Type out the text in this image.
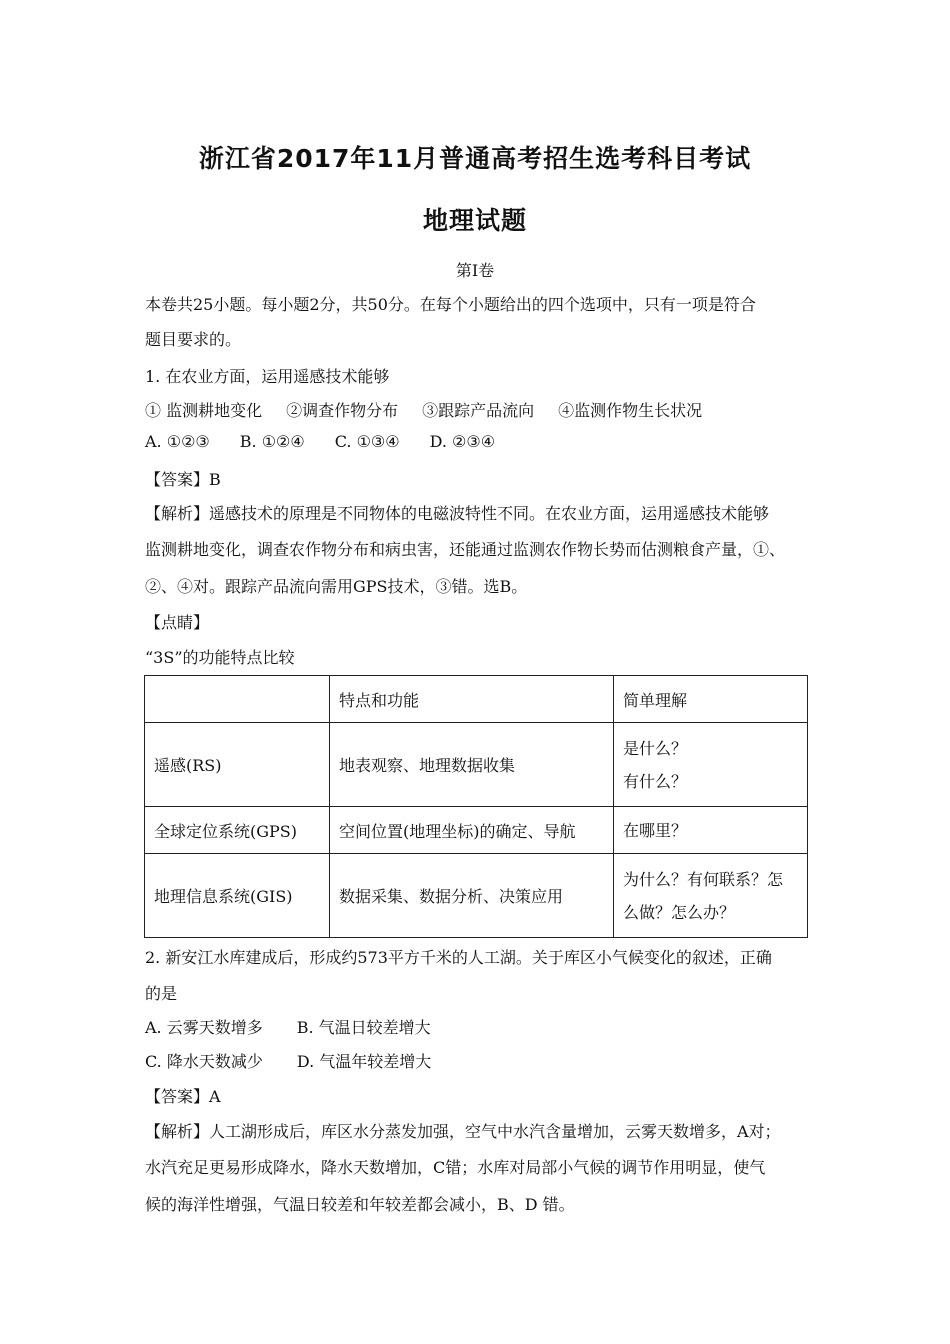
浙江省2017年11月普通高考招生选考科目考试
地理试题
第Ⅰ卷
本卷共25小题。每小题2分，共50分。在每个小题给出的四个选项中，只有一项是符合
题目要求的。
1. 在农业方面，运用遥感技术能够
① 监测耕地变化 ②调查作物分布 ③跟踪产品流向 ④监测作物生长状况
A. ①②③ B. ①②④ C. ①③④ D. ②③④
【答案】B
【解析】遥感技术的原理是不同物体的电磁波特性不同。在农业方面，运用遥感技术能够
监测耕地变化，调查农作物分布和病虫害，还能通过监测农作物长势而估测粮食产量，①、
②、④对。跟踪产品流向需用GPS技术，③错。选B。
【点睛】
“3S”的功能特点比较
	特点和功能	简单理解
遥感(RS)	地表观察、地理数据收集	是什么？
有什么？

全球定位系统(GPS)	空间位置(地理坐标)的确定、导航	在哪里？

地理信息系统(GIS)	数据采集、数据分析、决策应用	为什么？有何联系？怎
么做？怎么办？
2. 新安江水库建成后，形成约573平方千米的人工湖。关于库区小气候变化的叙述，正确
的是
A. 云雾天数增多 B. 气温日较差增大
C. 降水天数减少 D. 气温年较差增大
【答案】A
【解析】人工湖形成后，库区水分蒸发加强，空气中水汽含量增加，云雾天数增多，A对；
水汽充足更易形成降水，降水天数增加，C错；水库对局部小气候的调节作用明显，使气
候的海洋性增强，气温日较差和年较差都会减小，B、D 错。
